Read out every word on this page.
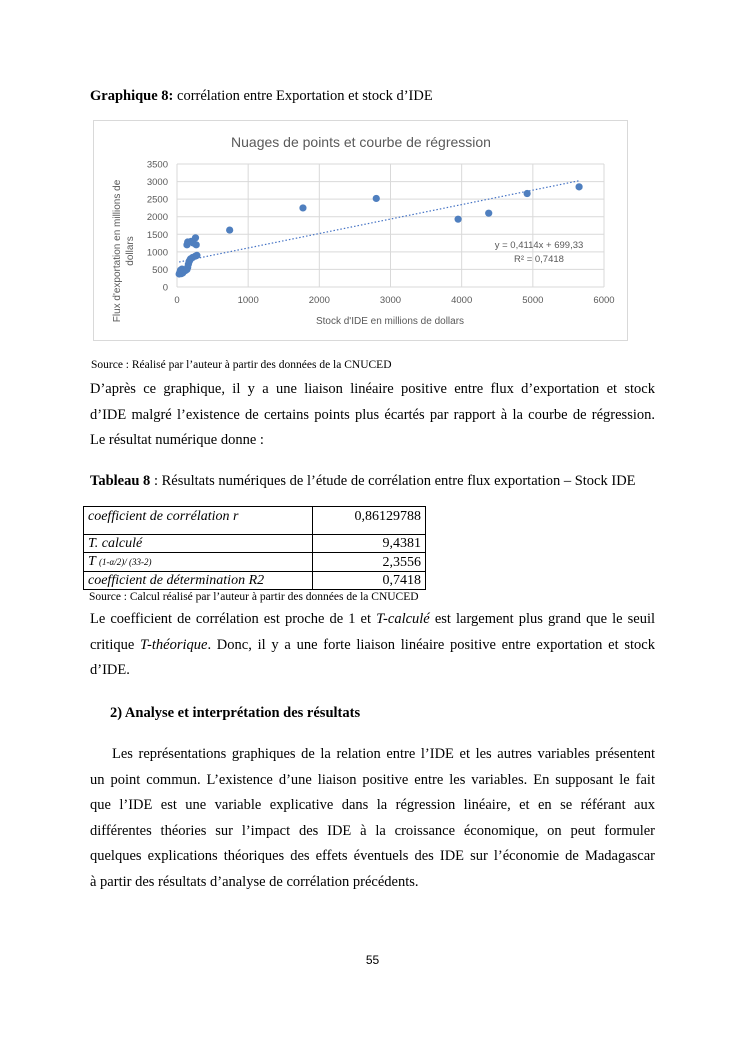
Graphique 8: corrélation entre Exportation et stock d’IDE
Nuages de points et courbe de régression
0
500
1000
1500
2000
2500
3000
3500
0	1000	2000	3000	4000	5000	6000
Flux d'exportation en millions de dollars
Stock d'IDE en millions de dollars
y = 0,4114x + 699,33
R² = 0,7418
Source : Réalisé par l’auteur à partir des données de la CNUCED
D’après ce graphique, il y a une liaison linéaire positive entre flux d’exportation et stock
d’IDE malgré l’existence de certains points plus écartés par rapport à la courbe de régression.
Le résultat numérique donne :
Tableau 8 : Résultats numériques de l’étude de corrélation entre flux exportation – Stock IDE
coefficient de corrélation r	0,86129788
T. calculé	9,4381
T (1-α/2)/ (33-2)	2,3556
coefficient de détermination R2	0,7418
Source : Calcul réalisé par l’auteur à partir des données de la CNUCED
Le coefficient de corrélation est proche de 1 et T-calculé est largement plus grand que le seuil
critique T-théorique. Donc, il y a une forte liaison linéaire positive entre exportation et stock
d’IDE.
2) Analyse et interprétation des résultats
Les représentations graphiques de la relation entre l’IDE et les autres variables présentent
un point commun. L’existence d’une liaison positive entre les variables. En supposant le fait
que l’IDE est une variable explicative dans la régression linéaire, et en se référant aux
différentes théories sur l’impact des IDE à la croissance économique, on peut formuler
quelques explications théoriques des effets éventuels des IDE sur l’économie de Madagascar
à partir des résultats d’analyse de corrélation précédents.
55
